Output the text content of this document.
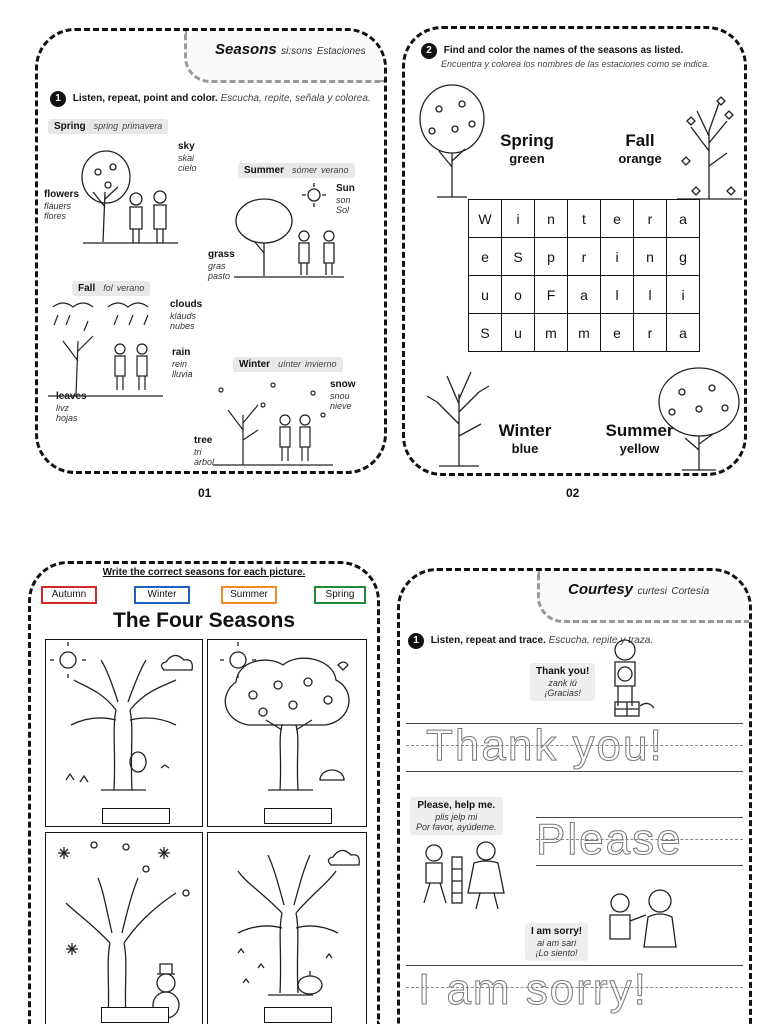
Seasons si:sons Estaciones
1 Listen, repeat, point and color. Escucha, repite, señala y colorea.
Spring spring primavera
Summer sómer verano
Fall fol verano
Winter uínter invierno
sky
skai
cielo
flowers
fláuers
flores
Sun
son
Sol
grass
gras
pasto
clouds
kláuds
nubes
rain
rein
lluvia
leaves
livz
hojas
snow
snou
nieve
tree
tri
árbol
01
2 Find and color the names of the seasons as listed.
Encuentra y colorea los nombres de las estaciones como se indica.
Spring
green
Fall
orange
Winter
blue
Summer
yellow
W	i	n	t	e	r	a
e	S	p	r	i	n	g
u	o	F	a	l	l	i
S	u	m	m	e	r	a
02
Write the correct seasons for each picture.
Autumn	Winter	Summer	Spring
The Four Seasons
Courtesy curtesi Cortesía
1 Listen, repeat and trace. Escucha, repite y traza.
Thank you!
zank iú
¡Gracias!
Thank you!
Please, help me.
plis jelp mi
Por favor, ayúdeme. Please
I am sorry!
ai am sari
¡Lo siento!
I am sorry!
